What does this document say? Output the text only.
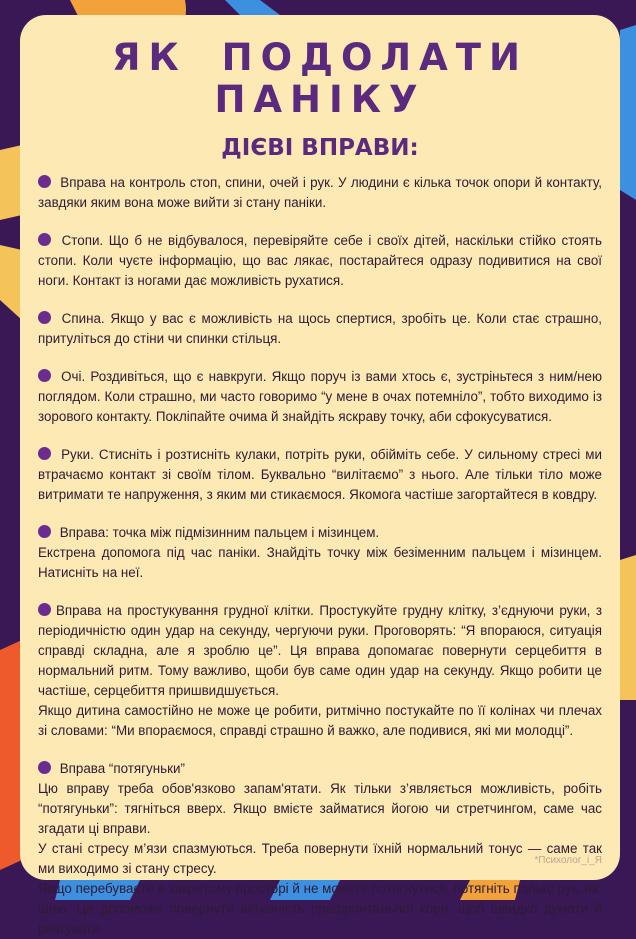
ЯК ПОДОЛАТИ ПАНІКУ
ДІЄВІ ВПРАВИ:

Вправа на контроль стоп, спини, очей і рук. У людини є кілька точок опори й контакту, завдяки яким вона може вийти зі стану паніки.

Стопи. Що б не відбувалося, перевіряйте себе і своїх дітей, наскільки стійко стоять стопи. Коли чуєте інформацію, що вас лякає, постарайтеся одразу подивитися на свої ноги. Контакт із ногами дає можливість рухатися.

Спина. Якщо у вас є можливість на щось спертися, зробіть це. Коли стає страшно, притуліться до стіни чи спинки стільця.

Очі. Роздивіться, що є навкруги. Якщо поруч із вами хтось є, зустріньтеся з ним/нею поглядом. Коли страшно, ми часто говоримо “у мене в очах потемніло”, тобто виходимо із зорового контакту. Покліпайте очима й знайдіть яскраву точку, аби сфокусуватися.

Руки. Стисніть і розтисніть кулаки, потріть руки, обійміть себе. У сильному стресі ми втрачаємо контакт зі своїм тілом. Буквально “вилітаємо” з нього. Але тільки тіло може витримати те напруження, з яким ми стикаємося. Якомога частіше загортайтеся в ковдру.

Вправа: точка між підмізинним пальцем і мізинцем.

Екстрена допомога під час паніки. Знайдіть точку між безіменним пальцем і мізинцем. Натисніть на неї.

Вправа на простукування грудної клітки. Простукуйте грудну клітку, з’єднуючи руки, з періодичністю один удар на секунду, чергуючи руки. Проговорять: “Я впораюся, ситуація справді складна, але я зроблю це”. Ця вправа допомагає повернути серцебиття в нормальний ритм. Тому важливо, щоби був саме один удар на секунду. Якщо робити це частіше, серцебиття пришвидшується.

Якщо дитина самостійно не може це робити, ритмічно постукайте по її колінах чи плечах зі словами: “Ми впораємося, справді страшно й важко, але подивися, які ми молодці”.

Вправа “потягуньки”

Цю вправу треба обов'язково запам'ятати. Як тільки з’являється можливість, робіть “потягуньки”: тягніться вверх. Якщо вмієте займатися йогою чи стретчингом, саме час згадати ці вправи.

У стані стресу м’язи спазмуються. Треба повернути їхній нормальний тонус — саме так ми виходимо зі стану стресу.

Якщо перебуваєте в закритому просторі й не можете потягнутися, потягніть пальці рук, ніг, шию. Це допоможе повернути активність префронтальної кори, щоб швидко думати й реагувати.

*Психолог_і_Я
